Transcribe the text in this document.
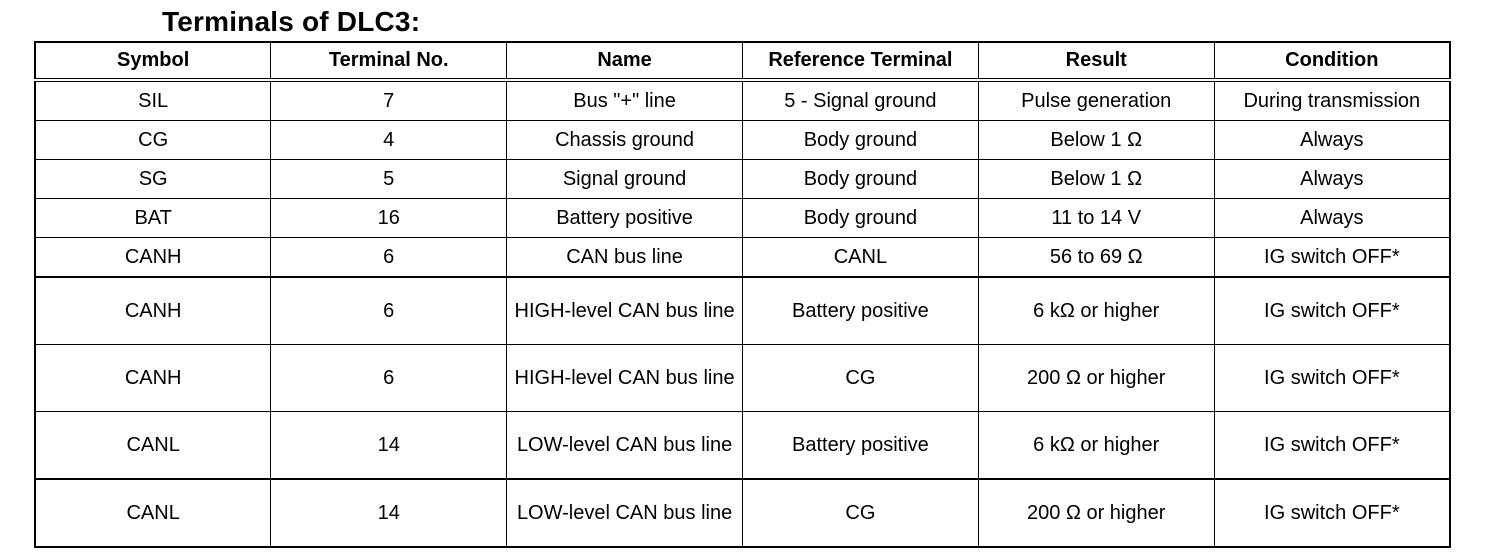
Terminals of DLC3:
Symbol	Terminal No.	Name	Reference Terminal	Result	Condition
SIL	7	Bus "+" line	5 - Signal ground	Pulse generation	During transmission
CG	4	Chassis ground	Body ground	Below 1 Ω	Always
SG	5	Signal ground	Body ground	Below 1 Ω	Always
BAT	16	Battery positive	Body ground	11 to 14 V	Always
CANH	6	CAN bus line	CANL	56 to 69 Ω	IG switch OFF*
CANH	6	HIGH-level CAN bus line	Battery positive	6 kΩ or higher	IG switch OFF*
CANH	6	HIGH-level CAN bus line	CG	200 Ω or higher	IG switch OFF*
CANL	14	LOW-level CAN bus line	Battery positive	6 kΩ or higher	IG switch OFF*
CANL	14	LOW-level CAN bus line	CG	200 Ω or higher	IG switch OFF*
